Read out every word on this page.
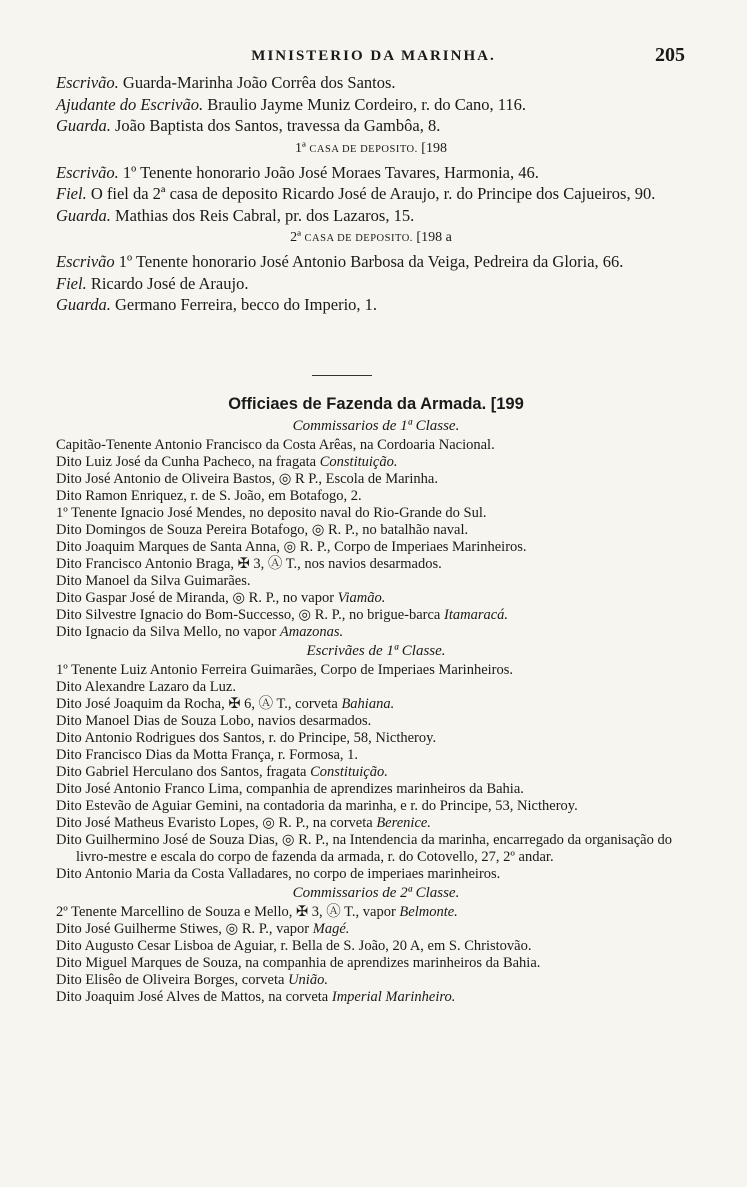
MINISTERIO DA MARINHA.	205
Escrivão. Guarda-Marinha João Corrêa dos Santos.
Ajudante do Escrivão. Braulio Jayme Muniz Cordeiro, r. do Cano, 116.
Guarda. João Baptista dos Santos, travessa da Gambôa, 8.
1ª CASA DE DEPOSITO. [198
Escrivão. 1º Tenente honorario João José Moraes Tavares, Harmonia, 46.
Fiel. O fiel da 2ª casa de deposito Ricardo José de Araujo, r. do Principe dos Cajueiros, 90.
Guarda. Mathias dos Reis Cabral, pr. dos Lazaros, 15.
2ª CASA DE DEPOSITO. [198 a
Escrivão 1º Tenente honorario José Antonio Barbosa da Veiga, Pedreira da Gloria, 66.
Fiel. Ricardo José de Araujo.
Guarda. Germano Ferreira, becco do Imperio, 1.
Officiaes de Fazenda da Armada. [199
Commissarios de 1ª Classe.
Capitão-Tenente Antonio Francisco da Costa Arêas, na Cordoaria Nacional.
Dito Luiz José da Cunha Pacheco, na fragata Constituição.
Dito José Antonio de Oliveira Bastos, ◎ R P., Escola de Marinha.
Dito Ramon Enriquez, r. de S. João, em Botafogo, 2.
1º Tenente Ignacio José Mendes, no deposito naval do Rio-Grande do Sul.
Dito Domingos de Souza Pereira Botafogo, ◎ R. P., no batalhão naval.
Dito Joaquim Marques de Santa Anna, ◎ R. P., Corpo de Imperiaes Marinheiros.
Dito Francisco Antonio Braga, ✠ 3, Ⓐ T., nos navios desarmados.
Dito Manoel da Silva Guimarães.
Dito Gaspar José de Miranda, ◎ R. P., no vapor Viamão.
Dito Silvestre Ignacio do Bom-Successo, ◎ R. P., no brigue-barca Itamaracá.
Dito Ignacio da Silva Mello, no vapor Amazonas.
Escrivães de 1ª Classe.
1º Tenente Luiz Antonio Ferreira Guimarães, Corpo de Imperiaes Marinheiros.
Dito Alexandre Lazaro da Luz.
Dito José Joaquim da Rocha, ✠ 6, Ⓐ T., corveta Bahiana.
Dito Manoel Dias de Souza Lobo, navios desarmados.
Dito Antonio Rodrigues dos Santos, r. do Principe, 58, Nictheroy.
Dito Francisco Dias da Motta França, r. Formosa, 1.
Dito Gabriel Herculano dos Santos, fragata Constituição.
Dito José Antonio Franco Lima, companhia de aprendizes marinheiros da Bahia.
Dito Estevão de Aguiar Gemini, na contadoria da marinha, e r. do Principe, 53, Nictheroy.
Dito José Matheus Evaristo Lopes, ◎ R. P., na corveta Berenice.
Dito Guilhermino José de Souza Dias, ◎ R. P., na Intendencia da marinha, encarregado da organisação do livro-mestre e escala do corpo de fazenda da armada, r. do Cotovello, 27, 2º andar.
Dito Antonio Maria da Costa Valladares, no corpo de imperiaes marinheiros.
Commissarios de 2ª Classe.
2º Tenente Marcellino de Souza e Mello, ✠ 3, Ⓐ T., vapor Belmonte.
Dito José Guilherme Stiwes, ◎ R. P., vapor Magé.
Dito Augusto Cesar Lisboa de Aguiar, r. Bella de S. João, 20 A, em S. Christovão.
Dito Miguel Marques de Souza, na companhia de aprendizes marinheiros da Bahia.
Dito Elisêo de Oliveira Borges, corveta União.
Dito Joaquim José Alves de Mattos, na corveta Imperial Marinheiro.
